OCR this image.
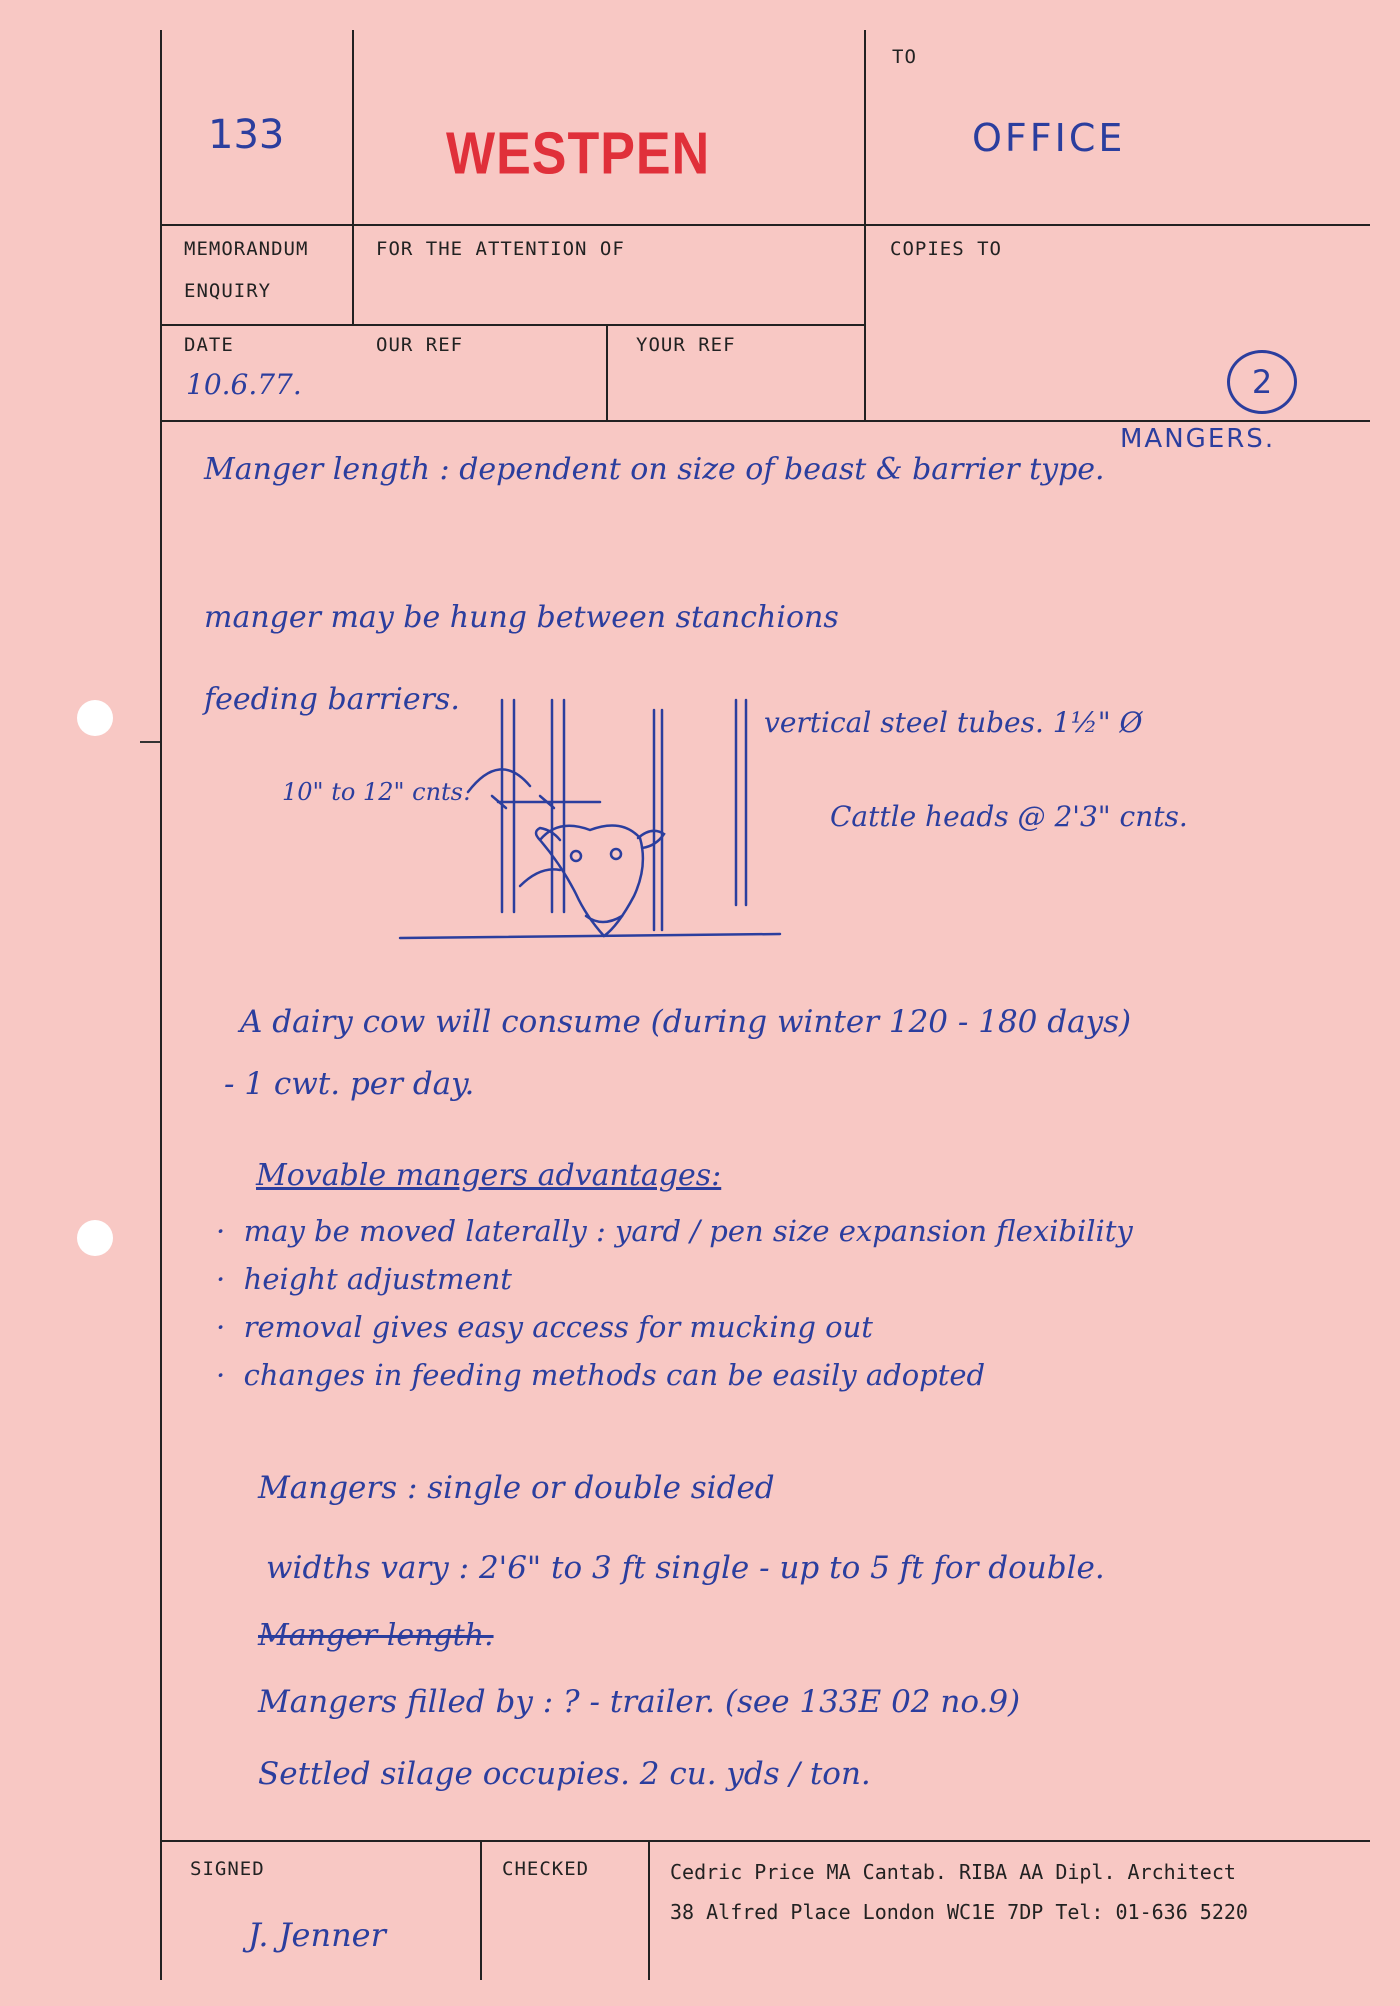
133	WESTPEN
TO
OFFICE
MEMORANDUM
ENQUIRY
FOR THE ATTENTION OF	COPIES TO
DATE
10.6.77.
OUR REF	YOUR REF
2
MANGERS.
Manger length : dependent on size of beast & barrier type.
manger may be hung between stanchions
feeding barriers.
vertical steel tubes. 1½" Ø
10" to 12" cnts.
Cattle heads @ 2'3" cnts.
A dairy cow will consume (during winter 120 - 180 days)
- 1 cwt. per day.
Movable mangers advantages:
·  may be moved laterally : yard / pen size expansion flexibility
·  height adjustment
·  removal gives easy access for mucking out
·  changes in feeding methods can be easily adopted
Mangers : single or double sided
widths vary : 2'6" to 3 ft single - up to 5 ft for double.
Manger length.
Mangers filled by : ? - trailer. (see 133E 02 no.9)
Settled silage occupies. 2 cu. yds / ton.
SIGNED
J. Jenner
CHECKED	Cedric Price MA Cantab. RIBA AA Dipl. Architect
38 Alfred Place London WC1E 7DP Tel: 01-636 5220
